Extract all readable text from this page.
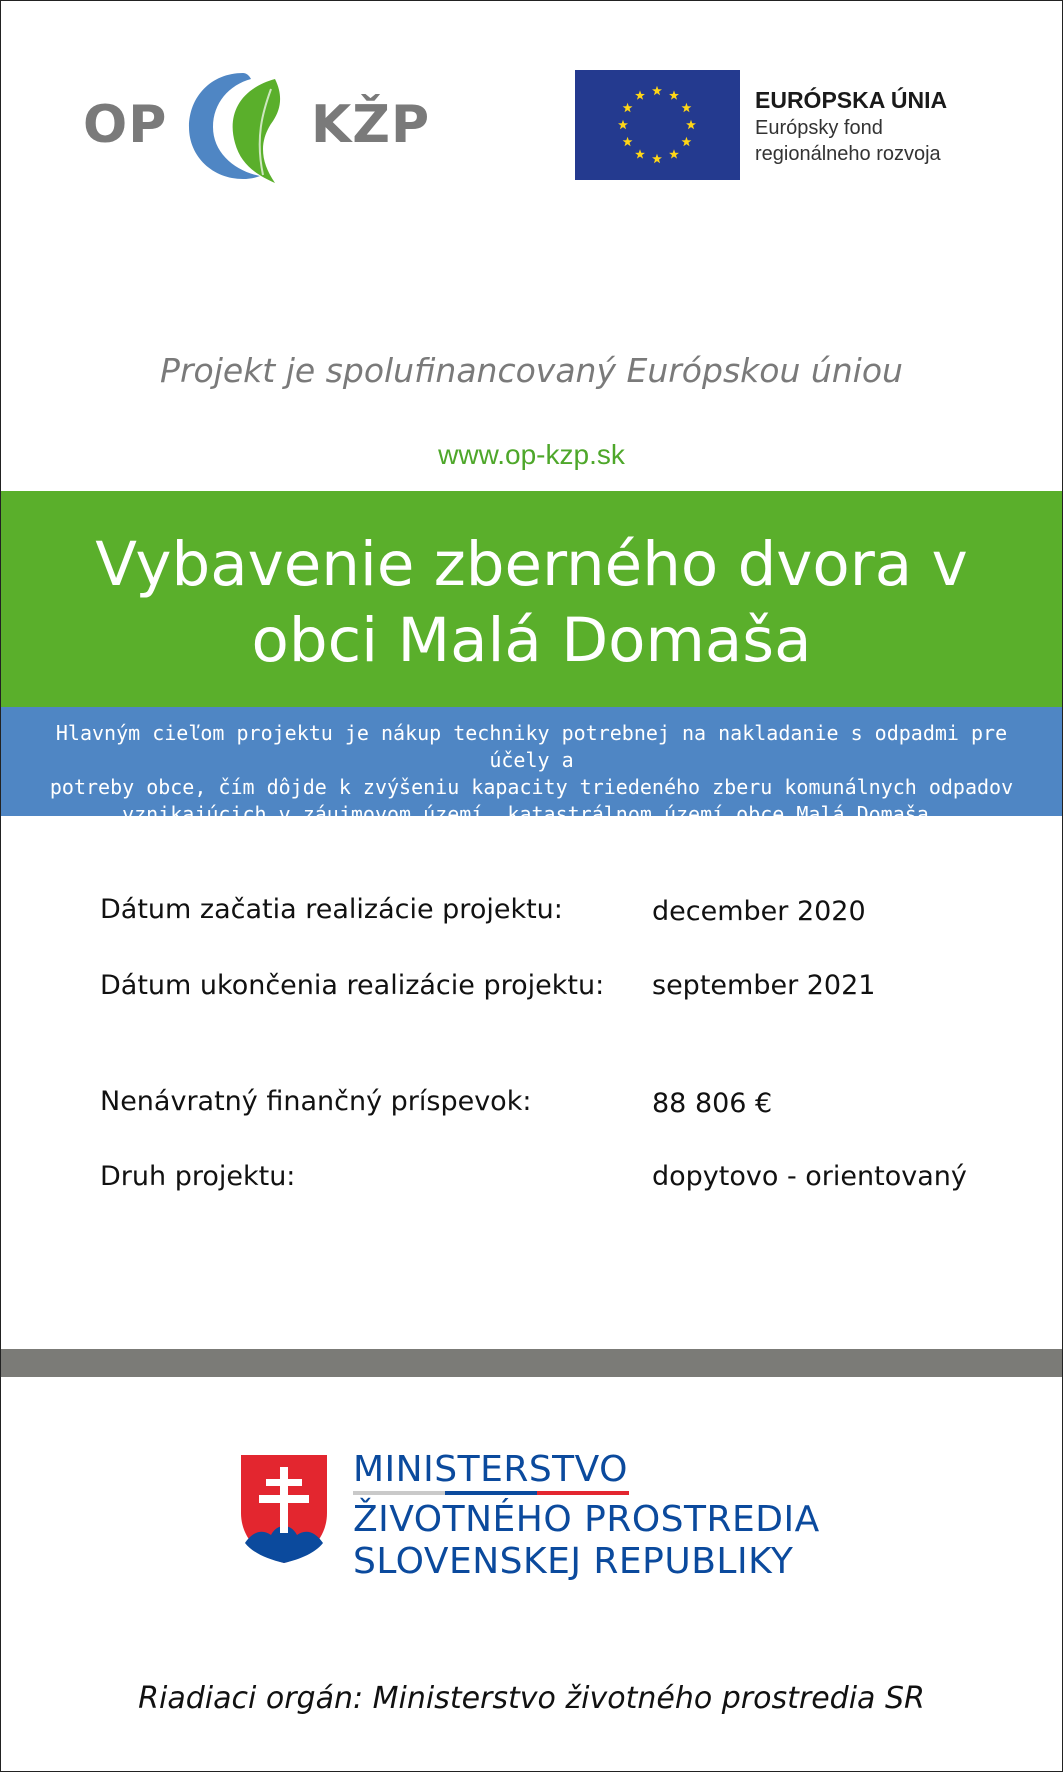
OP	KŽP	EURÓPSKA ÚNIA
Európsky fond
regionálneho rozvoja
Projekt je spolufinancovaný Európskou úniou
www.op-kzp.sk
Vybavenie zberného dvora v
obci Malá Domaša
Hlavným cieľom projektu je nákup techniky potrebnej na nakladanie s odpadmi pre účely a
potreby obce, čím dôjde k zvýšeniu kapacity triedeného zberu komunálnych odpadov
vznikajúcich v záujmovom území, katastrálnom území obce Malá Domaša.
Dátum začatia realizácie projektu:	december 2020
Dátum ukončenia realizácie projektu: september 2021
Nenávratný finančný príspevok:	88 806 €
Druh projektu:	dopytovo - orientovaný
MINISTERSTVO
ŽIVOTNÉHO PROSTREDIA
SLOVENSKEJ REPUBLIKY
Riadiaci orgán: Ministerstvo životného prostredia SR
